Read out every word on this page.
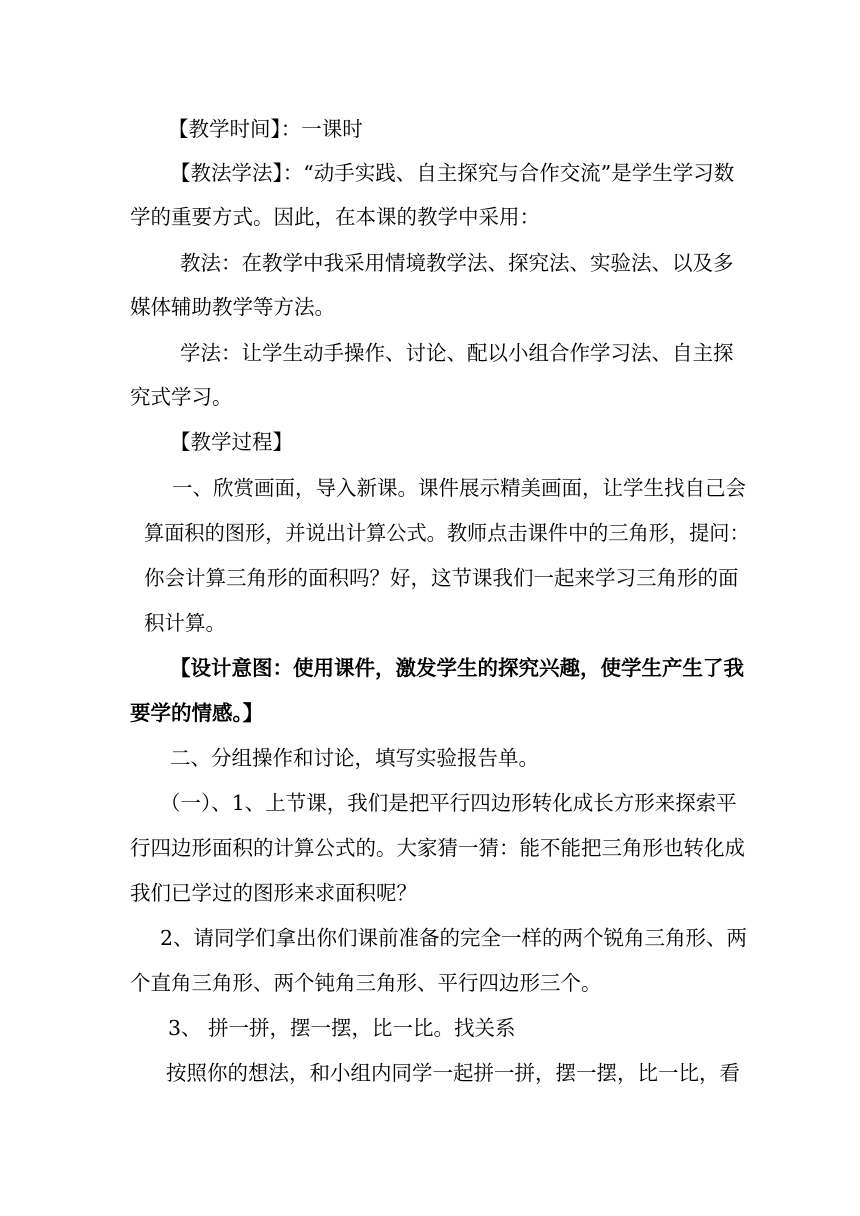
【教学时间】：一课时

【教法学法】：“动手实践、自主探究与合作交流”是学生学习数

学的重要方式。因此，在本课的教学中采用：

教法：在教学中我采用情境教学法、探究法、实验法、以及多

媒体辅助教学等方法。

学法：让学生动手操作、讨论、配以小组合作学习法、自主探

究式学习。

【教学过程】

一、欣赏画面，导入新课。课件展示精美画面，让学生找自己会

算面积的图形，并说出计算公式。教师点击课件中的三角形，提问：

你会计算三角形的面积吗？好，这节课我们一起来学习三角形的面

积计算。

【设计意图：使用课件，激发学生的探究兴趣，使学生产生了我

要学的情感。】

二、分组操作和讨论，填写实验报告单。

（一）、1、上节课，我们是把平行四边形转化成长方形来探索平

行四边形面积的计算公式的。大家猜一猜：能不能把三角形也转化成

我们已学过的图形来求面积呢？

2、请同学们拿出你们课前准备的完全一样的两个锐角三角形、两

个直角三角形、两个钝角三角形、平行四边形三个。

3、 拼一拼，摆一摆，比一比。找关系

按照你的想法，和小组内同学一起拼一拼，摆一摆，比一比，看
